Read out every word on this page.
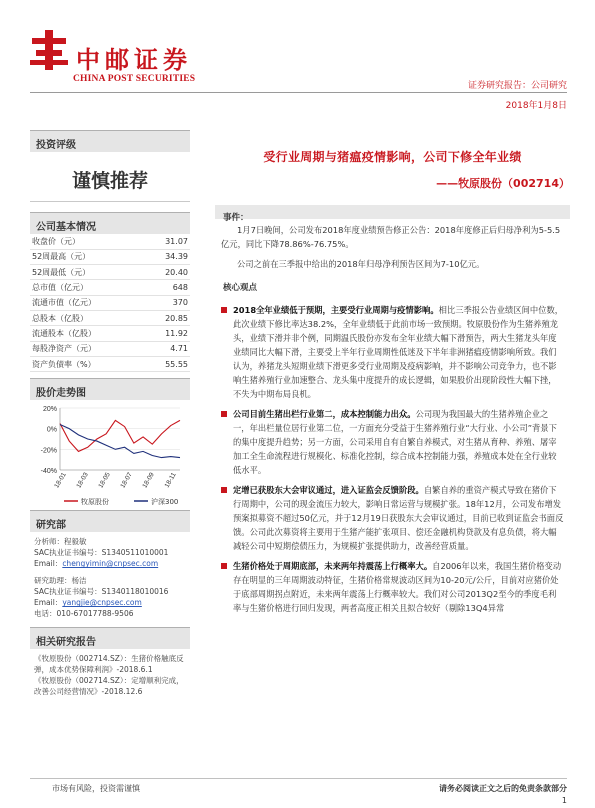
中邮证券
CHINA POST SECURITIES
证券研究报告：公司研究
2018年1月8日
投资评级
谨慎推荐
公司基本情况
收盘价（元）	31.07
52周最高（元）	34.39
52周最低（元）	20.40
总市值（亿元）	648
流通市值（亿元）	370
总股本（亿股）	20.85
流通股本（亿股）	11.92
每股净资产（元）	4.71
资产负债率（%）	55.55
股价走势图
20%
0%
-20%
-40%
18-01 18-03 18-05 18-07 18-09 18-11
牧原股份	沪深300
研究部
分析师：程毅敏
SAC执业证书编号：S1340511010001
Email：chengyimin@cnpsec.com
研究助理：杨洁
SAC执业证书编号：S1340118010016
Email：yangjie@cnpsec.com
电话：010-67017788-9506
相关研究报告
《牧原股份（002714.SZ）：生猪价格触底反弹，成本优势保障利润》-2018.6.1
《牧原股份（002714.SZ）：定增顺利完成，改善公司经营情况》-2018.12.6
受行业周期与猪瘟疫情影响，公司下修全年业绩
——牧原股份（002714）
事件：

1月7日晚间，公司发布2018年度业绩预告修正公告：2018年度修正后归母净利为5-5.5亿元，同比下降78.86%-76.75%。

公司之前在三季报中给出的2018年归母净利预告区间为7-10亿元。

核心观点
2018全年业绩低于预期，主要受行业周期与疫情影响。相比三季报公告业绩区间中位数，此次业绩下修比率达38.2%，全年业绩低于此前市场一致预期。牧原股份作为生猪养殖龙头，业绩下滑并非个例，同期温氏股份亦发布全年业绩大幅下滑预告，两大生猪龙头年度业绩同比大幅下滑，主要受上半年行业周期性低迷及下半年非洲猪瘟疫情影响所致。我们认为，养猪龙头短期业绩下滑更多受行业周期及疫病影响，并不影响公司竞争力，也不影响生猪养殖行业加速整合、龙头集中度提升的成长逻辑，如果股价出现阶段性大幅下挫，不失为中期布局良机。
公司目前生猪出栏行业第二，成本控制能力出众。公司现为我国最大的生猪养殖企业之一，年出栏量位居行业第二位，一方面充分受益于生猪养殖行业“大行业、小公司”背景下的集中度提升趋势；另一方面，公司采用自有自繁自养模式，对生猪从育种、养殖、屠宰加工全生命流程进行规模化、标准化控制，综合成本控制能力强，养殖成本处在全行业较低水平。
定增已获股东大会审议通过，进入证监会反馈阶段。自繁自养的重资产模式导致在猪价下行周期中，公司的现金流压力较大，影响日常运营与规模扩张。18年12月，公司发布增发预案拟募资不超过50亿元，并于12月19日获股东大会审议通过，目前已收到证监会书面反馈。公司此次募资将主要用于生猪产能扩张项目、偿还金融机构贷款及有息负债，将大幅减轻公司中短期偿债压力，为规模扩张提供助力，改善经营质量。
生猪价格处于周期底部，未来两年持震荡上行概率大。自2006年以来，我国生猪价格变动存在明显的三年周期波动特征，生猪价格常规波动区间为10-20元/公斤，目前对应猪价处于底部周期拐点附近，未来两年震荡上行概率较大。我们对公司2013Q2至今的季度毛利率与生猪价格进行回归发现，两者高度正相关且拟合较好（剔除13Q4异常
市场有风险，投资需谨慎	请务必阅读正文之后的免责条款部分
1
